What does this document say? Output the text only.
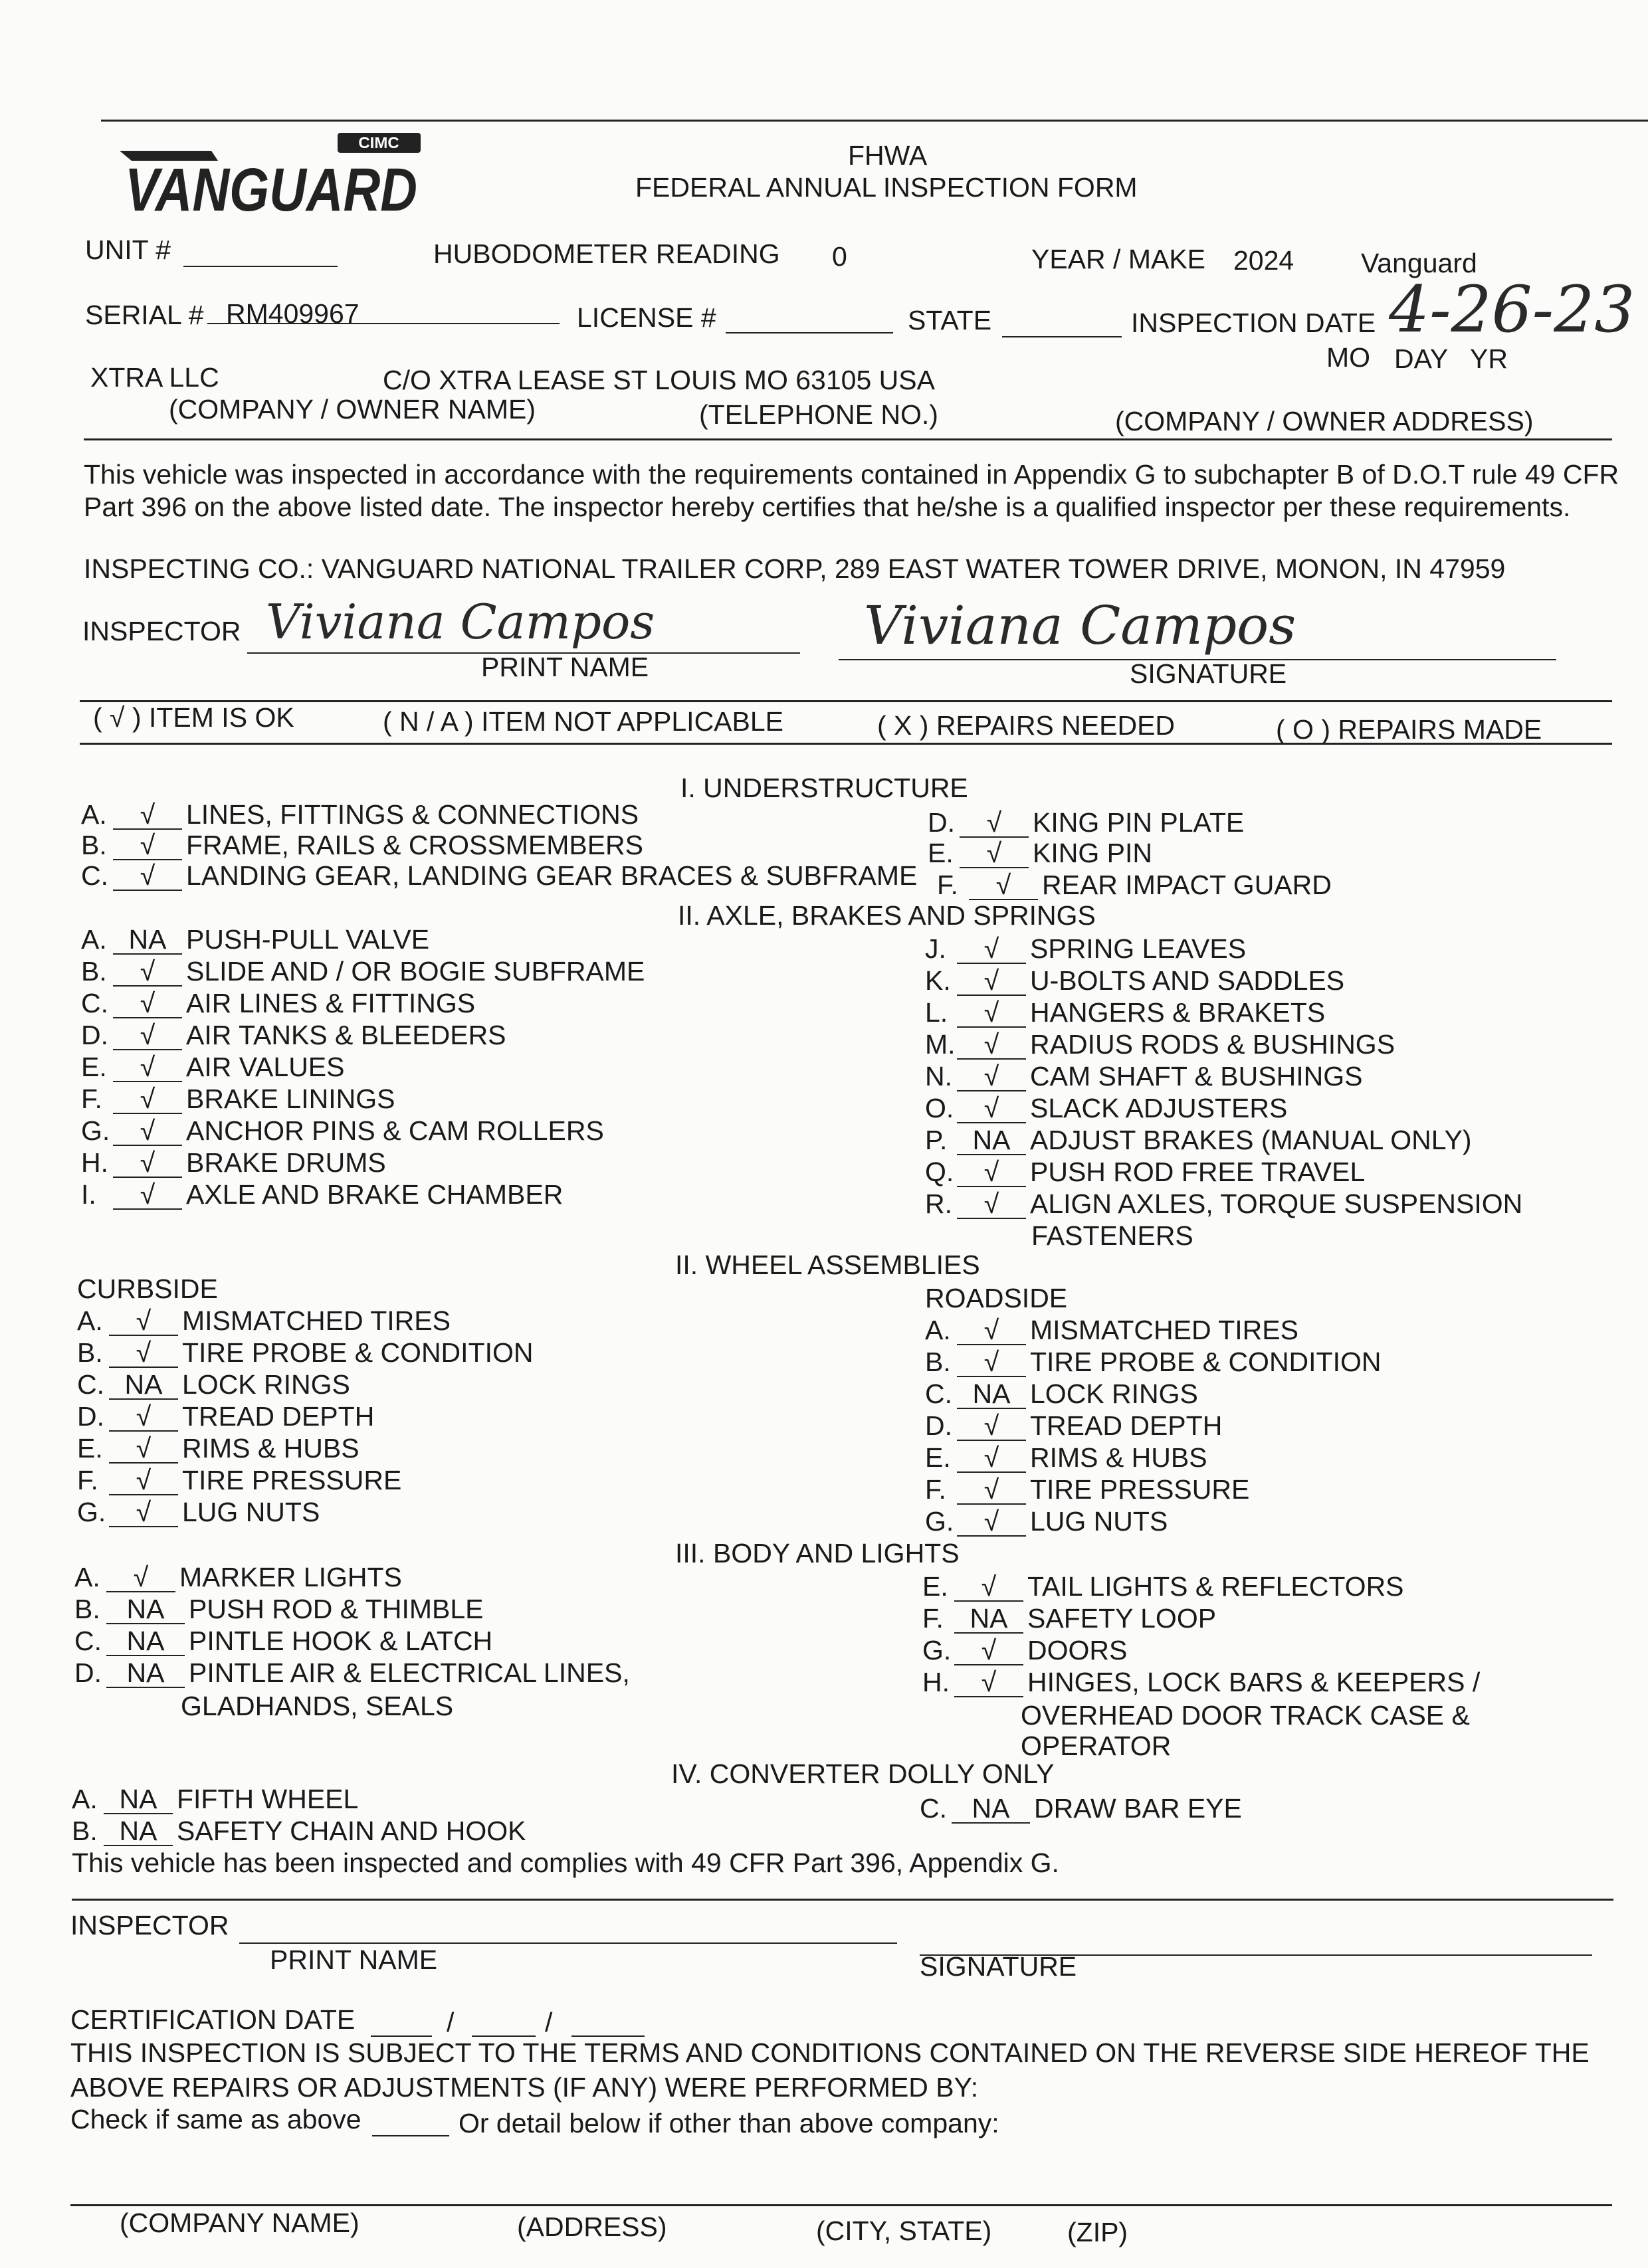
CIMC
VANGUARD
FHWA
FEDERAL ANNUAL INSPECTION FORM
UNIT #	HUBODOMETER READING 0	YEAR / MAKE 2024 Vanguard
SERIAL # RM409967	LICENSE #	STATE	INSPECTION DATE 4-26-23
MO DAY YR
XTRA LLC	C/O XTRA LEASE ST LOUIS MO 63105 USA
(COMPANY / OWNER NAME)	(TELEPHONE NO.)	(COMPANY / OWNER ADDRESS)
This vehicle was inspected in accordance with the requirements contained in Appendix G to subchapter B of D.O.T rule 49 CFR Part 396 on the above listed date. The inspector hereby certifies that he/she is a qualified inspector per these requirements.
INSPECTING CO.: VANGUARD NATIONAL TRAILER CORP, 289 EAST WATER TOWER DRIVE, MONON, IN 47959
INSPECTOR Viviana Campos	Viviana Campos
PRINT NAME	SIGNATURE
( √ ) ITEM IS OK	( N / A ) ITEM NOT APPLICABLE	( X ) REPAIRS NEEDED	( O ) REPAIRS MADE
I. UNDERSTRUCTURE
A.	√	LINES, FITTINGS & CONNECTIONS
B.	√	FRAME, RAILS & CROSSMEMBERS
C.	√	LANDING GEAR, LANDING GEAR BRACES & SUBFRAME
D.	√	KING PIN PLATE
E.	√	KING PIN
F.	√	REAR IMPACT GUARD
II. AXLE, BRAKES AND SPRINGS
A. NA PUSH-PULL VALVE
B.	√	SLIDE AND / OR BOGIE SUBFRAME
C.	√	AIR LINES & FITTINGS
D.	√	AIR TANKS & BLEEDERS
E.	√	AIR VALUES
F.	√	BRAKE LININGS
G.	√	ANCHOR PINS & CAM ROLLERS
H.	√	BRAKE DRUMS
I.	√	AXLE AND BRAKE CHAMBER
J.	√	SPRING LEAVES
K.	√	U-BOLTS AND SADDLES
L.	√	HANGERS & BRAKETS
M.	√	RADIUS RODS & BUSHINGS
N.	√	CAM SHAFT & BUSHINGS
O.	√	SLACK ADJUSTERS
P. NA ADJUST BRAKES (MANUAL ONLY)
Q.	√	PUSH ROD FREE TRAVEL
R.	√	ALIGN AXLES, TORQUE SUSPENSION
FASTENERS
II. WHEEL ASSEMBLIES
CURBSIDE	ROADSIDE
A.	√	MISMATCHED TIRES
B.	√	TIRE PROBE & CONDITION
C. NA LOCK RINGS
D.	√	TREAD DEPTH
E.	√	RIMS & HUBS
F.	√	TIRE PRESSURE
G.	√	LUG NUTS
A.	√	MISMATCHED TIRES
B.	√	TIRE PROBE & CONDITION
C. NA LOCK RINGS
D.	√	TREAD DEPTH
E.	√	RIMS & HUBS
F.	√	TIRE PRESSURE
G.	√	LUG NUTS
III. BODY AND LIGHTS
A.	√	MARKER LIGHTS
B. NA PUSH ROD & THIMBLE
C. NA PINTLE HOOK & LATCH
D. NA PINTLE AIR & ELECTRICAL LINES,
GLADHANDS, SEALS
E.	√	TAIL LIGHTS & REFLECTORS
F. NA SAFETY LOOP
G.	√	DOORS
H.	√	HINGES, LOCK BARS & KEEPERS /
OVERHEAD DOOR TRACK CASE &
OPERATOR
IV. CONVERTER DOLLY ONLY
A. NA FIFTH WHEEL
B. NA SAFETY CHAIN AND HOOK
C. NA DRAW BAR EYE
This vehicle has been inspected and complies with 49 CFR Part 396, Appendix G.
INSPECTOR
PRINT NAME	SIGNATURE
CERTIFICATION DATE	/	/
THIS INSPECTION IS SUBJECT TO THE TERMS AND CONDITIONS CONTAINED ON THE REVERSE SIDE HEREOF THE
ABOVE REPAIRS OR ADJUSTMENTS (IF ANY) WERE PERFORMED BY:
Check if same as above	Or detail below if other than above company:
(COMPANY NAME)	(ADDRESS)	(CITY, STATE)	(ZIP)
